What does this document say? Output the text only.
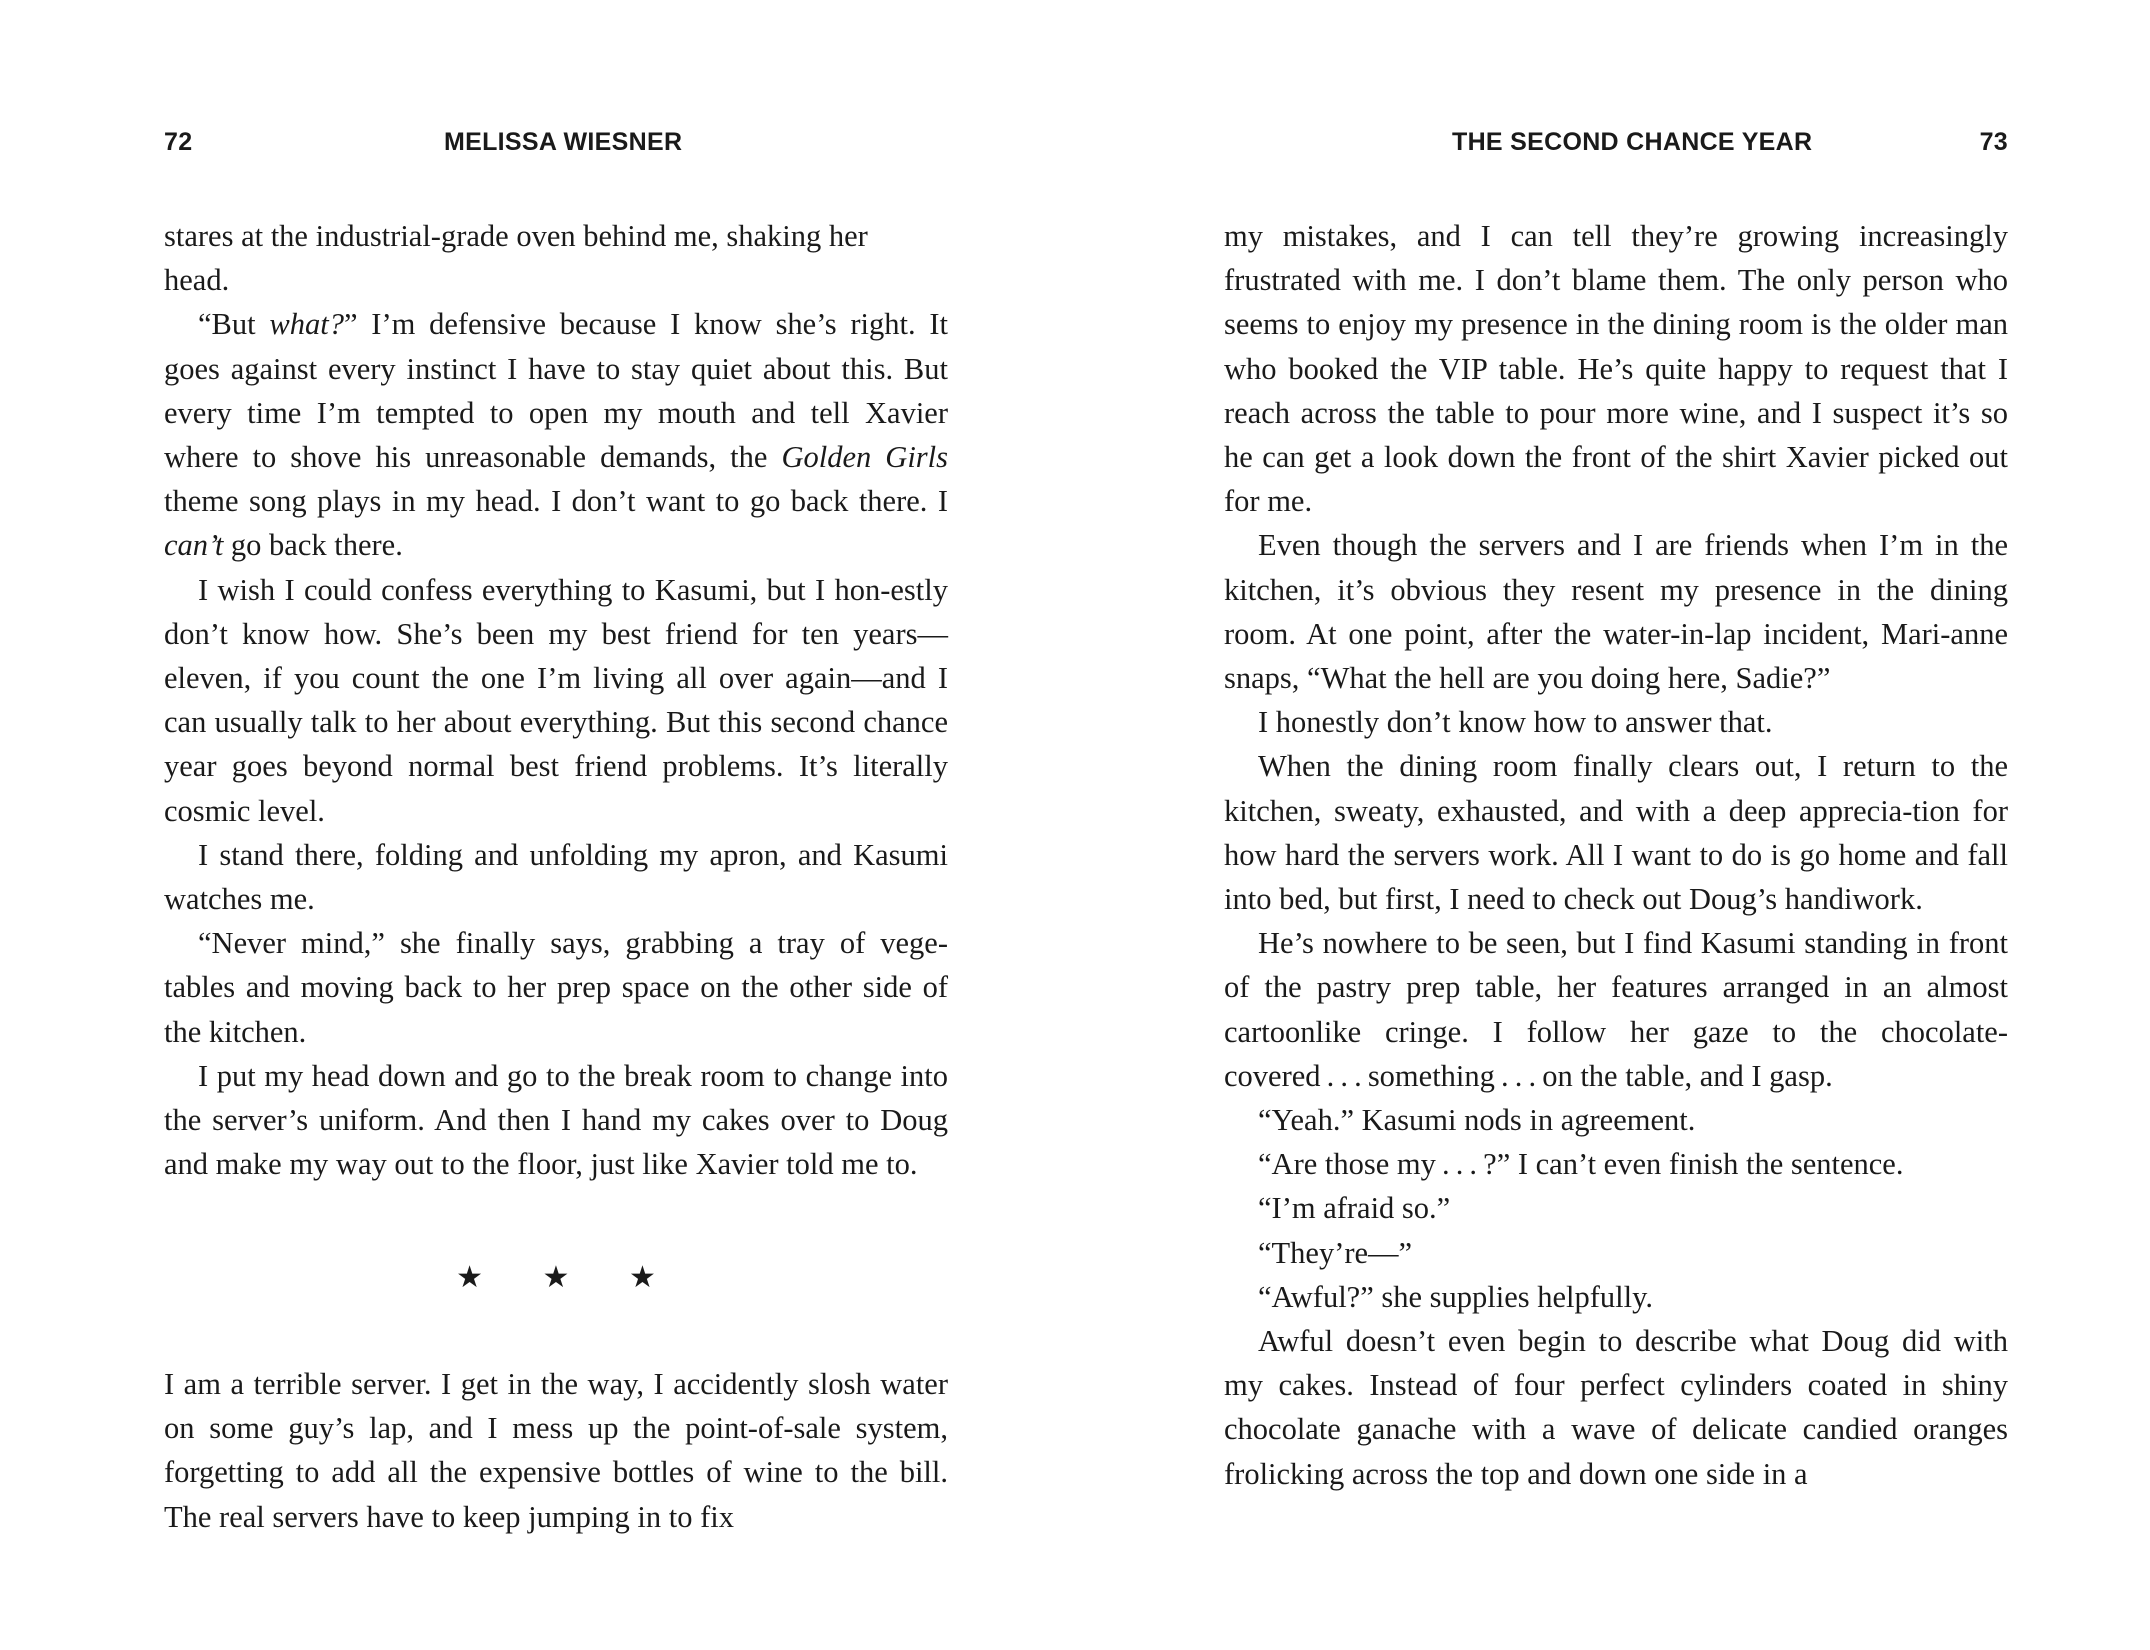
72	MELISSA WIESNER

stares at the industrial-grade oven behind me, shaking her
head.

“But what?” I’m defensive because I know she’s right. It goes against every instinct I have to stay quiet about this. But every time I’m tempted to open my mouth and tell Xavier where to shove his unreasonable demands, the Golden Girls theme song plays in my head. I don’t want to go back there. I can’t go back there.

I wish I could confess everything to Kasumi, but I hon-estly don’t know how. She’s been my best friend for ten years—eleven, if you count the one I’m living all over again—and I can usually talk to her about everything. But this second chance year goes beyond normal best friend problems. It’s literally cosmic level.

I stand there, folding and unfolding my apron, and Kasumi watches me.

“Never mind,” she finally says, grabbing a tray of vege-tables and moving back to her prep space on the other side of the kitchen.

I put my head down and go to the break room to change into the server’s uniform. And then I hand my cakes over to Doug and make my way out to the floor, just like Xavier told me to.

★ ★ ★

I am a terrible server. I get in the way, I accidently slosh water on some guy’s lap, and I mess up the point-of-sale system, forgetting to add all the expensive bottles of wine to the bill. The real servers have to keep jumping in to fix

THE SECOND CHANCE YEAR	73

my mistakes, and I can tell they’re growing increasingly frustrated with me. I don’t blame them. The only person who seems to enjoy my presence in the dining room is the older man who booked the VIP table. He’s quite happy to request that I reach across the table to pour more wine, and I suspect it’s so he can get a look down the front of the shirt Xavier picked out for me.

Even though the servers and I are friends when I’m in the kitchen, it’s obvious they resent my presence in the dining room. At one point, after the water-in-lap incident, Mari-anne snaps, “What the hell are you doing here, Sadie?”

I honestly don’t know how to answer that.

When the dining room finally clears out, I return to the kitchen, sweaty, exhausted, and with a deep apprecia-tion for how hard the servers work. All I want to do is go home and fall into bed, but first, I need to check out Doug’s handiwork.

He’s nowhere to be seen, but I find Kasumi standing in front of the pastry prep table, her features arranged in an almost cartoonlike cringe. I follow her gaze to the chocolate-covered . . . something . . . on the table, and I gasp.

“Yeah.” Kasumi nods in agreement.

“Are those my . . . ?” I can’t even finish the sentence.

“I’m afraid so.”

“They’re—”

“Awful?” she supplies helpfully.

Awful doesn’t even begin to describe what Doug did with my cakes. Instead of four perfect cylinders coated in shiny chocolate ganache with a wave of delicate candied oranges frolicking across the top and down one side in a
